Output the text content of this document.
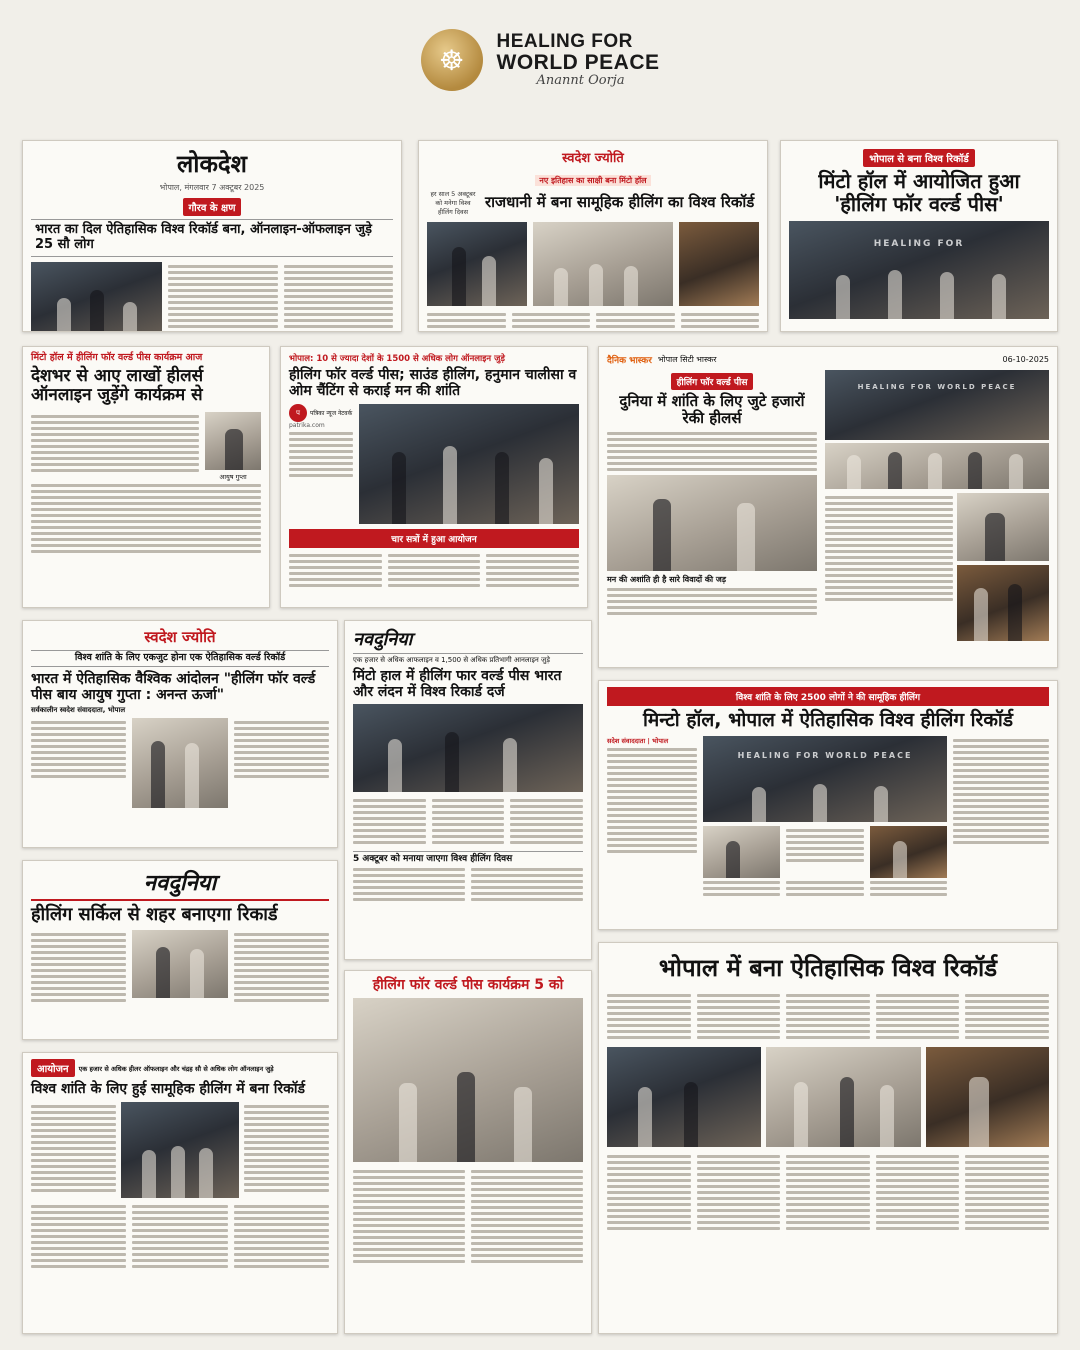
☸
HEALING FOR
WORLD PEACE
Anannt Oorja
लोकदेश
भोपाल, मंगलवार 7 अक्टूबर 2025
गौरव के क्षण
भारत का दिल ऐतिहासिक विश्व रिकॉर्ड बना, ऑनलाइन-ऑफलाइन जुड़े 25 सौ लोग
स्वदेश ज्योति
नए इतिहास का साक्षी बना मिंटो हॉल
हर साल 5 अक्टूबर को मनेगा विश्व हीलिंग दिवस
राजधानी में बना सामूहिक हीलिंग का विश्व रिकॉर्ड
भोपाल से बना विश्व रिकॉर्ड
मिंटो हॉल में आयोजित हुआ
'हीलिंग फॉर वर्ल्ड पीस'
HEALING FOR
मिंटो हॉल में हीलिंग फॉर वर्ल्ड पीस कार्यक्रम आज
देशभर से आए लाखों हीलर्स ऑनलाइन जुड़ेंगे कार्यक्रम से
आयुष गुप्ता
भोपाल: 10 से ज्यादा देशों के 1500 से अधिक लोग ऑनलाइन जुड़े
हीलिंग फॉर वर्ल्ड पीस; साउंड हीलिंग, हनुमान चालीसा व ओम चैंटिंग से कराई मन की शांति
प	पत्रिका न्यूज नेटवर्क
patrika.com
चार सत्रों में हुआ आयोजन
दैनिक भास्कर भोपाल सिटी भास्कर	06-10-2025
हीलिंग फॉर वर्ल्ड पीस
दुनिया में शांति के लिए जुटे हजारों रेकी हीलर्स
मन की अशांति ही है सारे विवादों की जड़
HEALING FOR WORLD PEACE
स्वदेश ज्योति
विश्व शांति के लिए एकजुट होना एक ऐतिहासिक वर्ल्ड रिकॉर्ड
भारत में ऐतिहासिक वैश्विक आंदोलन "हीलिंग फॉर वर्ल्ड पीस बाय आयुष गुप्ता : अनन्त ऊर्जा"
सर्वकालीन स्वदेश संवाददाता, भोपाल
नवदुनिया
एक हजार से अधिक आफलाइन व 1,500 से अधिक प्रतिभागी आनलाइन जुड़े
मिंटो हाल में हीलिंग फार वर्ल्ड पीस भारत और लंदन में विश्व रिकार्ड दर्ज
5 अक्टूबर को मनाया जाएगा विश्व हीलिंग दिवस
विश्व शांति के लिए 2500 लोगों ने की सामूहिक हीलिंग
मिन्टो हॉल, भोपाल में ऐतिहासिक विश्व हीलिंग रिकॉर्ड
सदेश संवाददाता | भोपाल
HEALING FOR WORLD PEACE
नवदुनिया
हीलिंग सर्किल से शहर बनाएगा रिकार्ड
हीलिंग फॉर वर्ल्ड पीस कार्यक्रम 5 को
भोपाल में बना ऐतिहासिक विश्व रिकॉर्ड
आयोजन	एक हजार से अधिक हीलर ऑफलाइन और चंद्रह सौ से अधिक लोग ऑनलाइन जुड़े
विश्व शांति के लिए हुई सामूहिक हीलिंग में बना रिकॉर्ड
